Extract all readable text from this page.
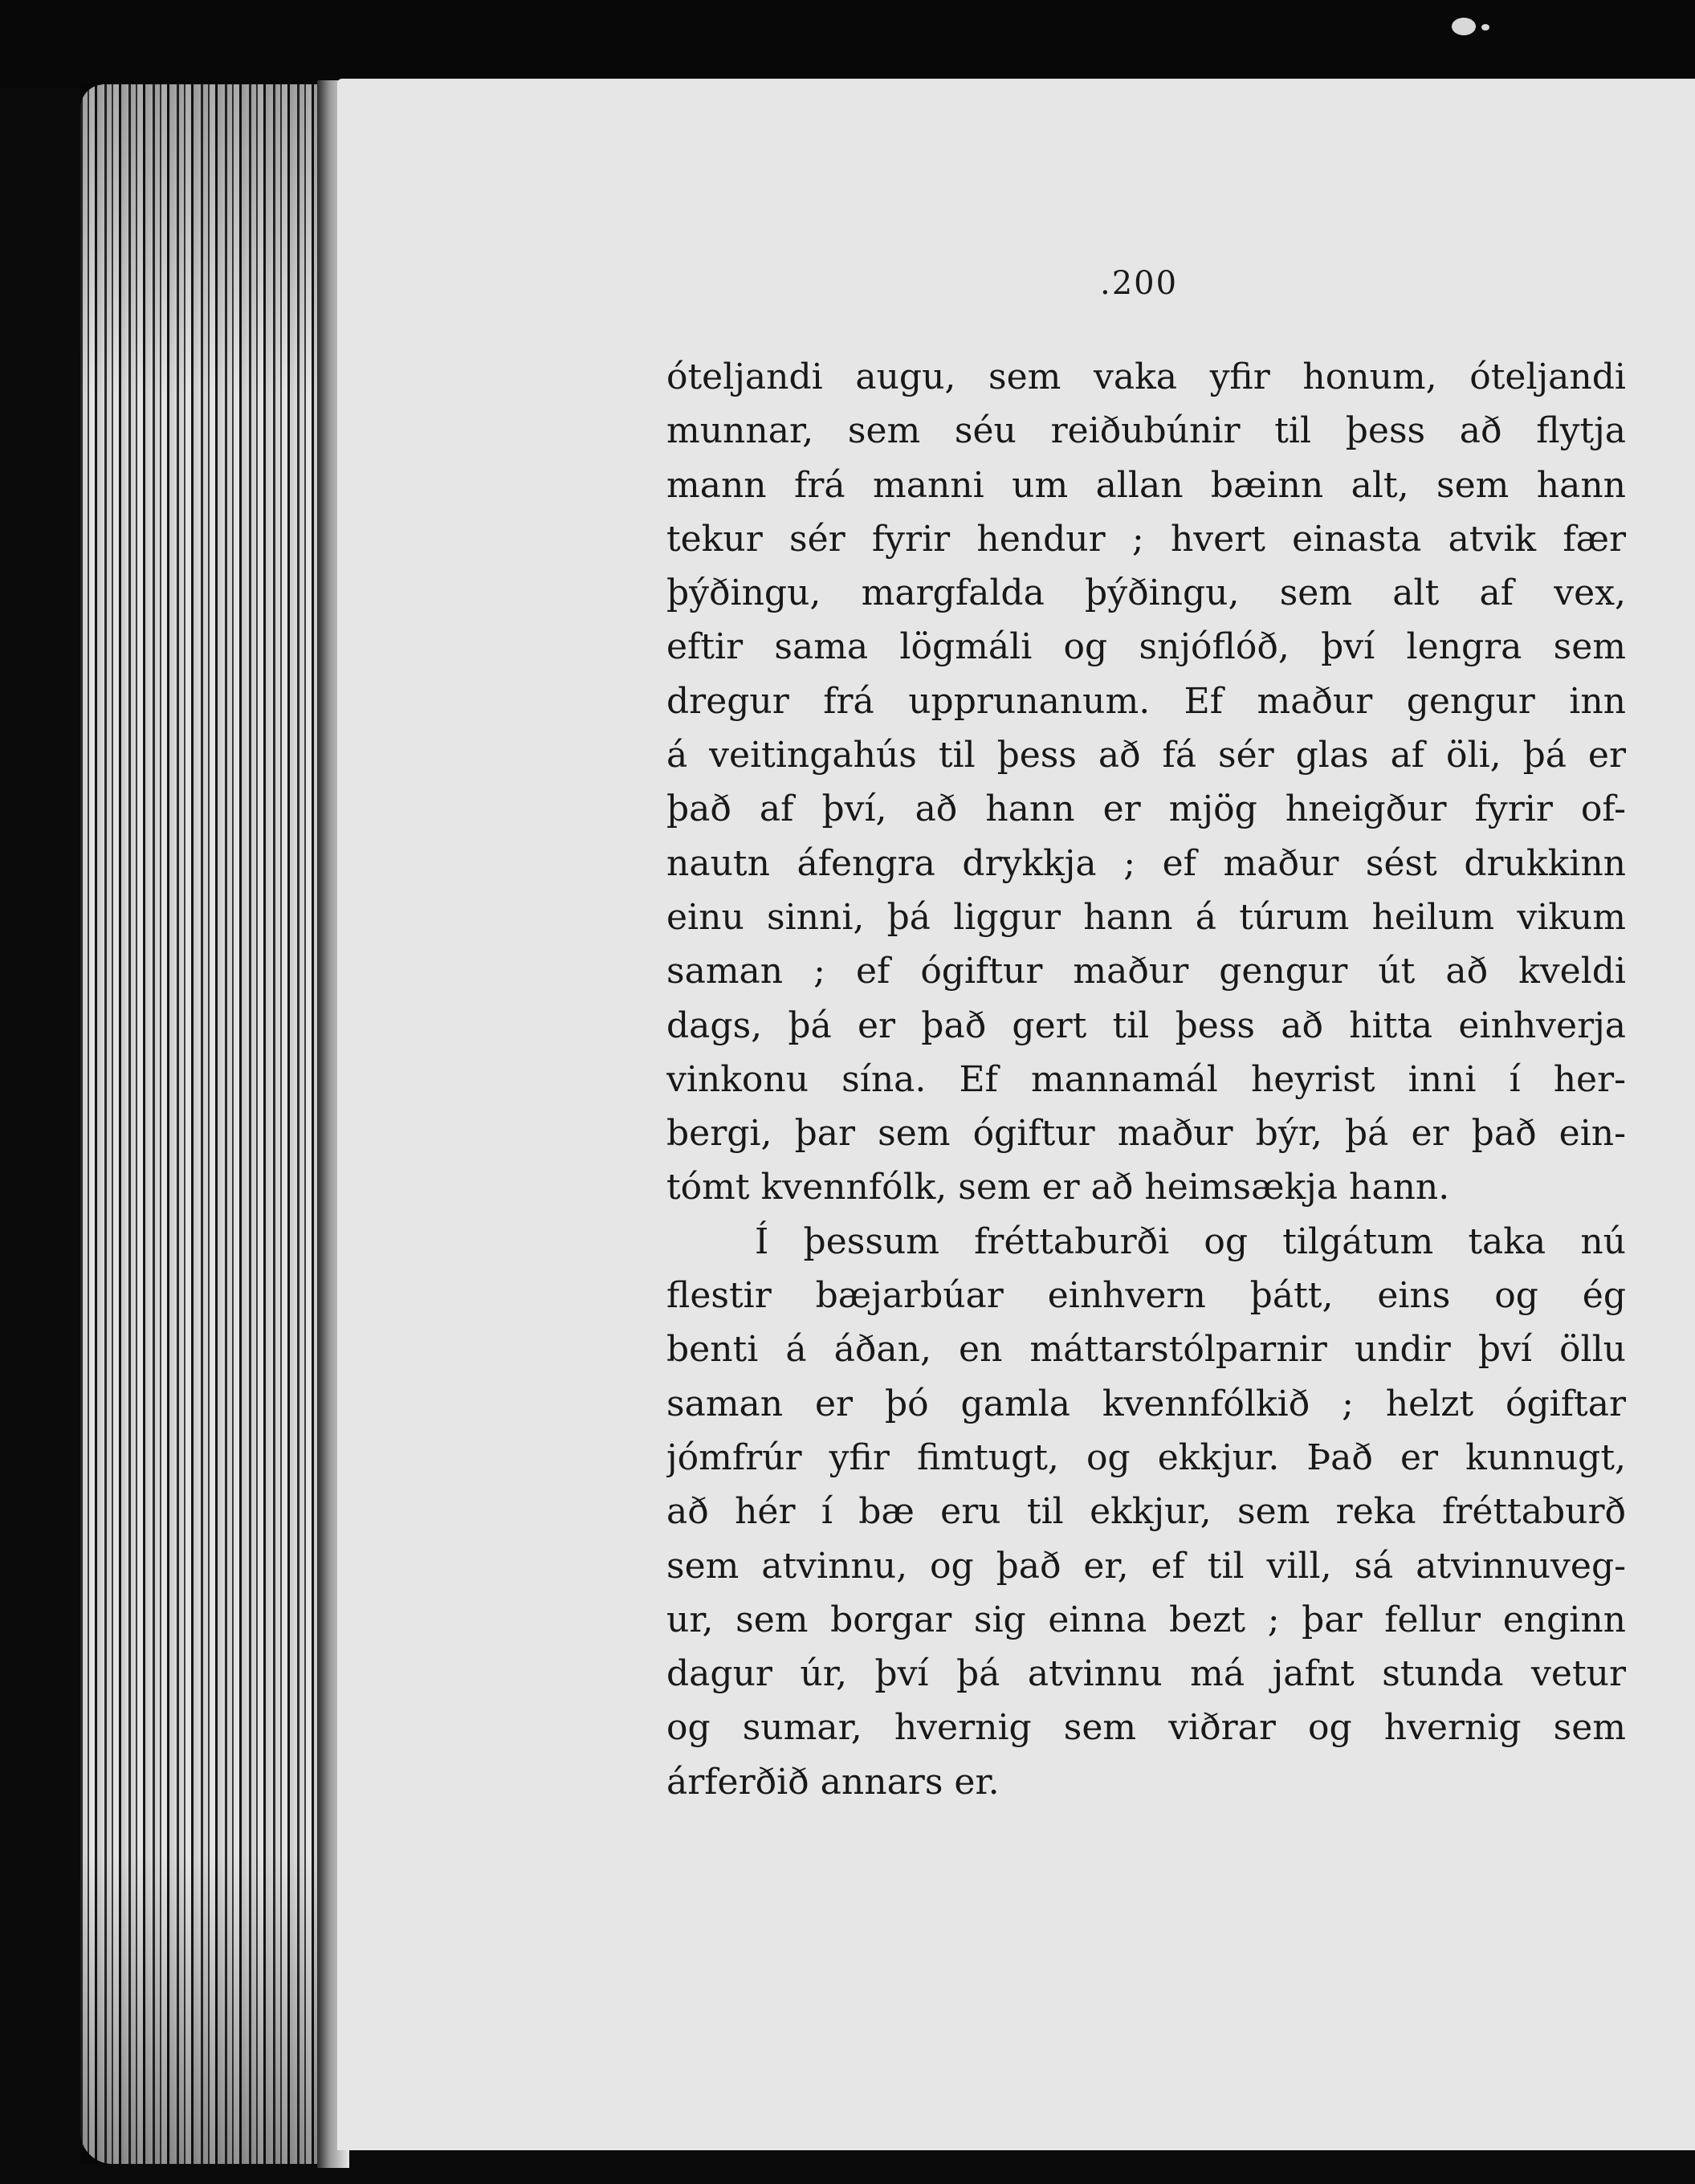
.200
óteljandi augu, sem vaka yfir honum, óteljandi
munnar, sem séu reiðubúnir til þess að flytja
mann frá manni um allan bæinn alt, sem hann
tekur sér fyrir hendur ; hvert einasta atvik fær
þýðingu, margfalda þýðingu, sem alt af vex,
eftir sama lögmáli og snjóflóð, því lengra sem
dregur frá upprunanum. Ef maður gengur inn
á veitingahús til þess að fá sér glas af öli, þá er
það af því, að hann er mjög hneigður fyrir of-
nautn áfengra drykkja ; ef maður sést drukkinn
einu sinni, þá liggur hann á túrum heilum vikum
saman ; ef ógiftur maður gengur út að kveldi
dags, þá er það gert til þess að hitta einhverja
vinkonu sína. Ef mannamál heyrist inni í her-
bergi, þar sem ógiftur maður býr, þá er það ein-
tómt kvennfólk, sem er að heimsækja hann.
Í þessum fréttaburði og tilgátum taka nú
flestir bæjarbúar einhvern þátt, eins og ég
benti á áðan, en máttarstólparnir undir því öllu
saman er þó gamla kvennfólkið ; helzt ógiftar
jómfrúr yfir fimtugt, og ekkjur. Það er kunnugt,
að hér í bæ eru til ekkjur, sem reka fréttaburð
sem atvinnu, og það er, ef til vill, sá atvinnuveg-
ur, sem borgar sig einna bezt ; þar fellur enginn
dagur úr, því þá atvinnu má jafnt stunda vetur
og sumar, hvernig sem viðrar og hvernig sem
árferðið annars er.
